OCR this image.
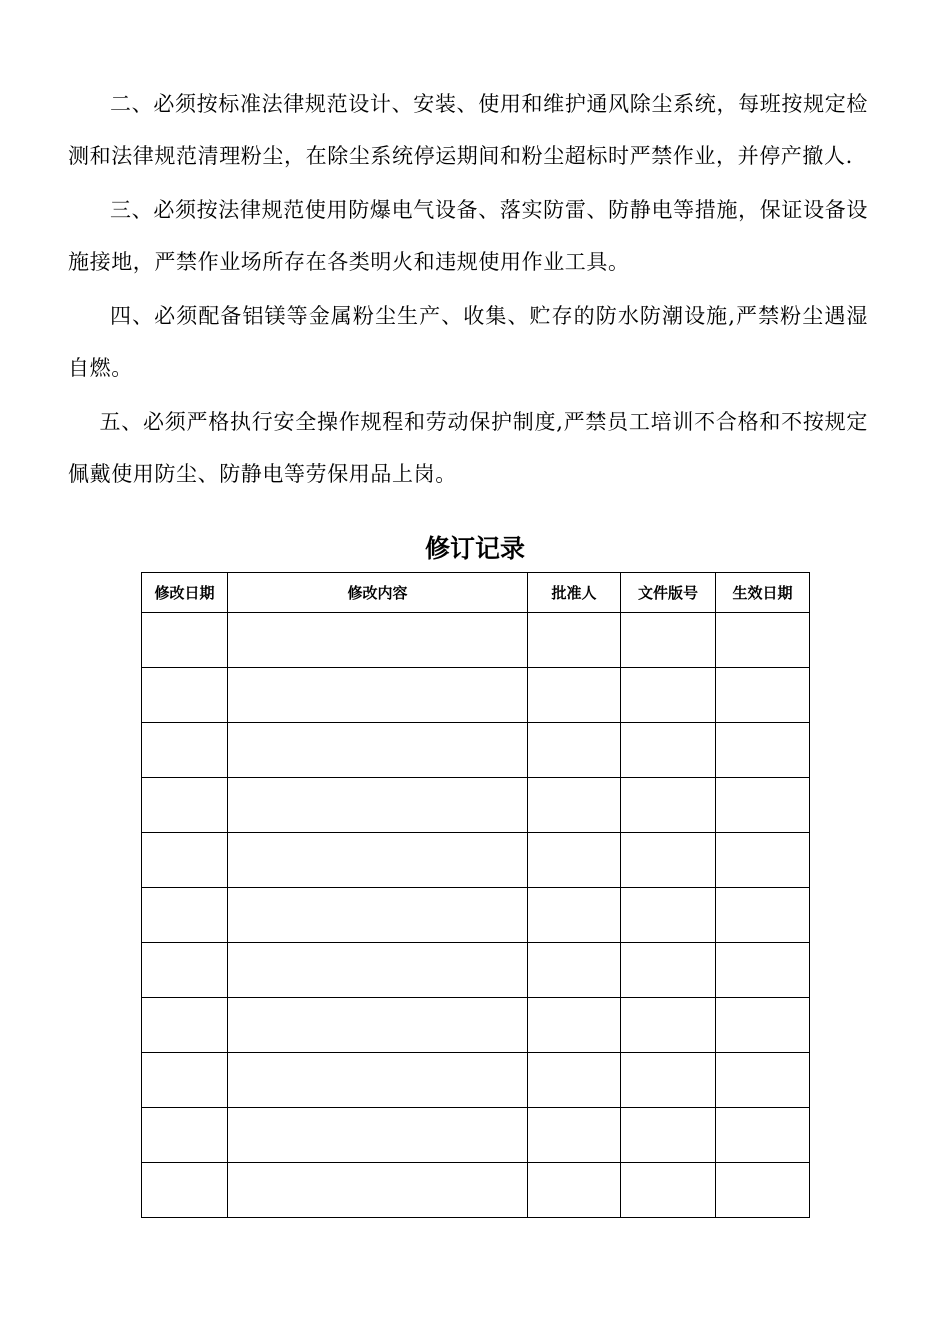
二、必须按标准法律规范设计、安装、使用和维护通风除尘系统，每班按规定检测和法律规范清理粉尘，在除尘系统停运期间和粉尘超标时严禁作业，并停产撤人.

三、必须按法律规范使用防爆电气设备、落实防雷、防静电等措施，保证设备设施接地，严禁作业场所存在各类明火和违规使用作业工具。

四、必须配备铝镁等金属粉尘生产、收集、贮存的防水防潮设施,严禁粉尘遇湿自燃。

五、必须严格执行安全操作规程和劳动保护制度,严禁员工培训不合格和不按规定佩戴使用防尘、防静电等劳保用品上岗。

修订记录
修改日期	修改内容	批准人	文件版号	生效日期
